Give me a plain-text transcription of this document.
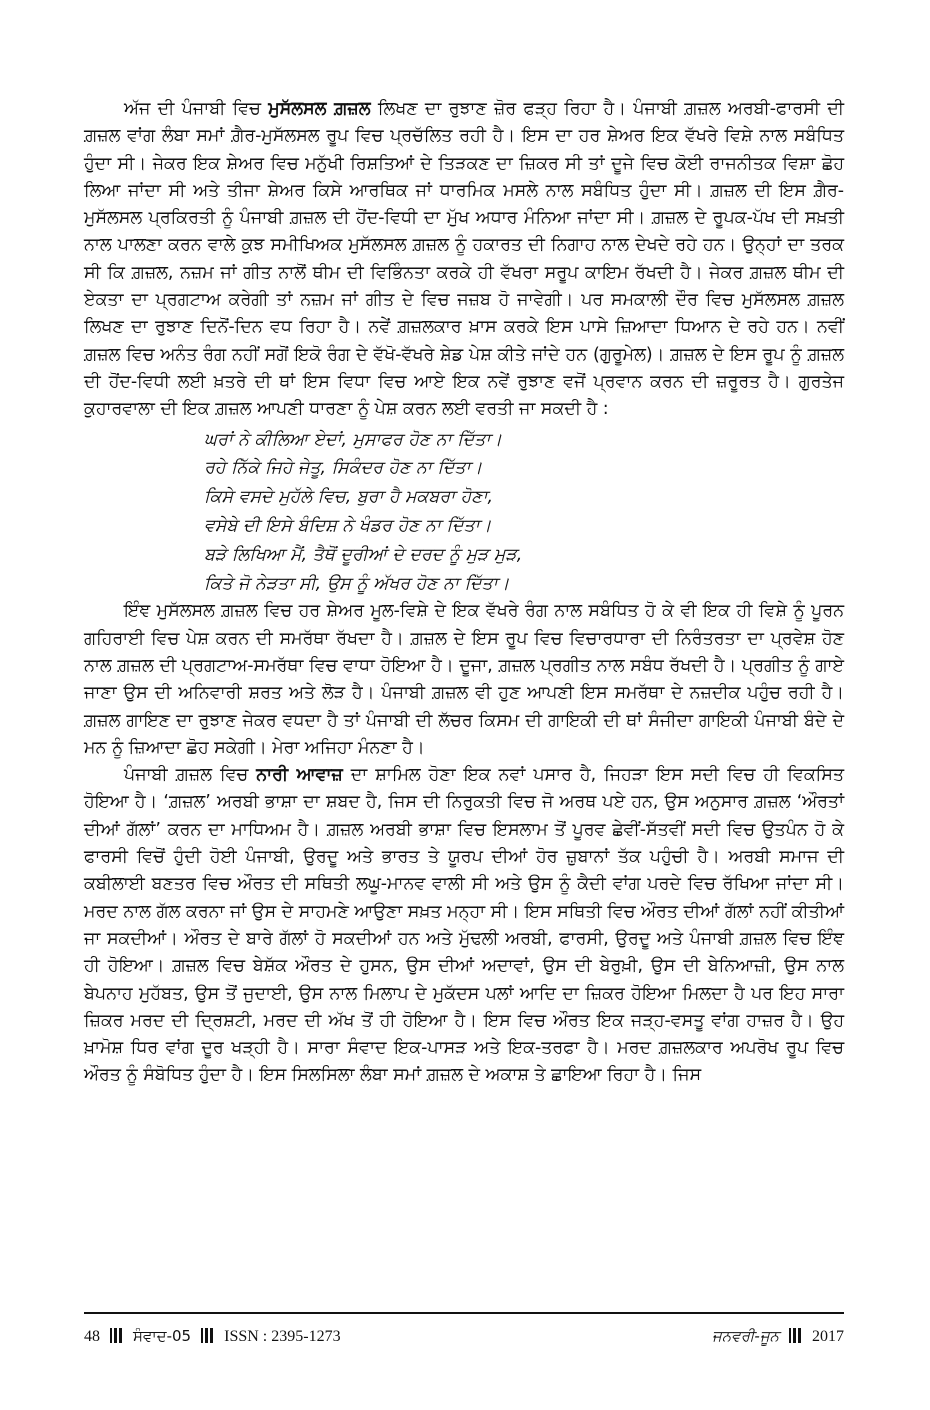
ਅੱਜ ਦੀ ਪੰਜਾਬੀ ਵਿਚ ਮੁਸੱਲਸਲ ਗ਼ਜ਼ਲ ਲਿਖਣ ਦਾ ਰੁਝਾਣ ਜ਼ੋਰ ਫੜ੍ਹ ਰਿਹਾ ਹੈ। ਪੰਜਾਬੀ ਗ਼ਜ਼ਲ ਅਰਬੀ-ਫਾਰਸੀ ਦੀ ਗ਼ਜ਼ਲ ਵਾਂਗ ਲੰਬਾ ਸਮਾਂ ਗ਼ੈਰ-ਮੁਸੱਲਸਲ ਰੂਪ ਵਿਚ ਪ੍ਰਚੱਲਿਤ ਰਹੀ ਹੈ। ਇਸ ਦਾ ਹਰ ਸ਼ੇਅਰ ਇਕ ਵੱਖਰੇ ਵਿਸ਼ੇ ਨਾਲ ਸਬੰਧਿਤ ਹੁੰਦਾ ਸੀ। ਜੇਕਰ ਇਕ ਸ਼ੇਅਰ ਵਿਚ ਮਨੁੱਖੀ ਰਿਸ਼ਤਿਆਂ ਦੇ ਤਿੜਕਣ ਦਾ ਜ਼ਿਕਰ ਸੀ ਤਾਂ ਦੂਜੇ ਵਿਚ ਕੋਈ ਰਾਜਨੀਤਕ ਵਿਸ਼ਾ ਛੋਹ ਲਿਆ ਜਾਂਦਾ ਸੀ ਅਤੇ ਤੀਜਾ ਸ਼ੇਅਰ ਕਿਸੇ ਆਰਥਿਕ ਜਾਂ ਧਾਰਮਿਕ ਮਸਲੇ ਨਾਲ ਸਬੰਧਿਤ ਹੁੰਦਾ ਸੀ। ਗ਼ਜ਼ਲ ਦੀ ਇਸ ਗ਼ੈਰ-ਮੁਸੱਲਸਲ ਪ੍ਰਕਿਰਤੀ ਨੂੰ ਪੰਜਾਬੀ ਗ਼ਜ਼ਲ ਦੀ ਹੋਂਦ-ਵਿਧੀ ਦਾ ਮੁੱਖ ਅਧਾਰ ਮੰਨਿਆ ਜਾਂਦਾ ਸੀ। ਗ਼ਜ਼ਲ ਦੇ ਰੂਪਕ-ਪੱਖ ਦੀ ਸਖ਼ਤੀ ਨਾਲ ਪਾਲਣਾ ਕਰਨ ਵਾਲੇ ਕੁਝ ਸਮੀਖਿਅਕ ਮੁਸੱਲਸਲ ਗ਼ਜ਼ਲ ਨੂੰ ਹਕਾਰਤ ਦੀ ਨਿਗਾਹ ਨਾਲ ਦੇਖਦੇ ਰਹੇ ਹਨ। ਉਨ੍ਹਾਂ ਦਾ ਤਰਕ ਸੀ ਕਿ ਗ਼ਜ਼ਲ, ਨਜ਼ਮ ਜਾਂ ਗੀਤ ਨਾਲੋਂ ਥੀਮ ਦੀ ਵਿਭਿੰਨਤਾ ਕਰਕੇ ਹੀ ਵੱਖਰਾ ਸਰੂਪ ਕਾਇਮ ਰੱਖਦੀ ਹੈ। ਜੇਕਰ ਗ਼ਜ਼ਲ ਥੀਮ ਦੀ ਏਕਤਾ ਦਾ ਪ੍ਰਗਟਾਅ ਕਰੇਗੀ ਤਾਂ ਨਜ਼ਮ ਜਾਂ ਗੀਤ ਦੇ ਵਿਚ ਜਜ਼ਬ ਹੋ ਜਾਵੇਗੀ। ਪਰ ਸਮਕਾਲੀ ਦੌਰ ਵਿਚ ਮੁਸੱਲਸਲ ਗ਼ਜ਼ਲ ਲਿਖਣ ਦਾ ਰੁਝਾਣ ਦਿਨੋਂ-ਦਿਨ ਵਧ ਰਿਹਾ ਹੈ। ਨਵੇਂ ਗ਼ਜ਼ਲਕਾਰ ਖ਼ਾਸ ਕਰਕੇ ਇਸ ਪਾਸੇ ਜ਼ਿਆਦਾ ਧਿਆਨ ਦੇ ਰਹੇ ਹਨ। ਨਵੀਂ ਗ਼ਜ਼ਲ ਵਿਚ ਅਨੰਤ ਰੰਗ ਨਹੀਂ ਸਗੋਂ ਇਕੋ ਰੰਗ ਦੇ ਵੱਖੋ-ਵੱਖਰੇ ਸ਼ੇਡ ਪੇਸ਼ ਕੀਤੇ ਜਾਂਦੇ ਹਨ (ਗੁਰੂਮੇਲ)। ਗ਼ਜ਼ਲ ਦੇ ਇਸ ਰੂਪ ਨੂੰ ਗ਼ਜ਼ਲ ਦੀ ਹੋਂਦ-ਵਿਧੀ ਲਈ ਖ਼ਤਰੇ ਦੀ ਥਾਂ ਇਸ ਵਿਧਾ ਵਿਚ ਆਏ ਇਕ ਨਵੇਂ ਰੁਝਾਣ ਵਜੋਂ ਪ੍ਰਵਾਨ ਕਰਨ ਦੀ ਜ਼ਰੂਰਤ ਹੈ। ਗੁਰਤੇਜ ਕੁਹਾਰਵਾਲਾ ਦੀ ਇਕ ਗ਼ਜ਼ਲ ਆਪਣੀ ਧਾਰਣਾ ਨੂੰ ਪੇਸ਼ ਕਰਨ ਲਈ ਵਰਤੀ ਜਾ ਸਕਦੀ ਹੈ :

ਘਰਾਂ ਨੇ ਕੀਲਿਆ ਏਦਾਂ, ਮੁਸਾਫਰ ਹੋਣ ਨਾ ਦਿੱਤਾ।
ਰਹੇ ਨਿੱਕੇ ਜਿਹੇ ਜੇਤੂ, ਸਿਕੰਦਰ ਹੋਣ ਨਾ ਦਿੱਤਾ।
ਕਿਸੇ ਵਸਦੇ ਮੁਹੱਲੇ ਵਿਚ, ਬੁਰਾ ਹੈ ਮਕਬਰਾ ਹੋਣਾ,
ਵਸੇਬੇ ਦੀ ਇਸੇ ਬੰਦਿਸ਼ ਨੇ ਖੰਡਰ ਹੋਣ ਨਾ ਦਿੱਤਾ।
ਬੜੇ ਲਿਖਿਆ ਮੈਂ, ਤੈਥੋਂ ਦੂਰੀਆਂ ਦੇ ਦਰਦ ਨੂੰ ਮੁੜ ਮੁੜ,
ਕਿਤੇ ਜੋ ਨੇੜਤਾ ਸੀ, ਉਸ ਨੂੰ ਅੱਖਰ ਹੋਣ ਨਾ ਦਿੱਤਾ।

ਇੰਞ ਮੁਸੱਲਸਲ ਗ਼ਜ਼ਲ ਵਿਚ ਹਰ ਸ਼ੇਅਰ ਮੂਲ-ਵਿਸ਼ੇ ਦੇ ਇਕ ਵੱਖਰੇ ਰੰਗ ਨਾਲ ਸਬੰਧਿਤ ਹੋ ਕੇ ਵੀ ਇਕ ਹੀ ਵਿਸ਼ੇ ਨੂੰ ਪੂਰਨ ਗਹਿਰਾਈ ਵਿਚ ਪੇਸ਼ ਕਰਨ ਦੀ ਸਮਰੱਥਾ ਰੱਖਦਾ ਹੈ। ਗ਼ਜ਼ਲ ਦੇ ਇਸ ਰੂਪ ਵਿਚ ਵਿਚਾਰਧਾਰਾ ਦੀ ਨਿਰੰਤਰਤਾ ਦਾ ਪ੍ਰਵੇਸ਼ ਹੋਣ ਨਾਲ ਗ਼ਜ਼ਲ ਦੀ ਪ੍ਰਗਟਾਅ-ਸਮਰੱਥਾ ਵਿਚ ਵਾਧਾ ਹੋਇਆ ਹੈ। ਦੂਜਾ, ਗ਼ਜ਼ਲ ਪ੍ਰਗੀਤ ਨਾਲ ਸਬੰਧ ਰੱਖਦੀ ਹੈ। ਪ੍ਰਗੀਤ ਨੂੰ ਗਾਏ ਜਾਣਾ ਉਸ ਦੀ ਅਨਿਵਾਰੀ ਸ਼ਰਤ ਅਤੇ ਲੋੜ ਹੈ। ਪੰਜਾਬੀ ਗ਼ਜ਼ਲ ਵੀ ਹੁਣ ਆਪਣੀ ਇਸ ਸਮਰੱਥਾ ਦੇ ਨਜ਼ਦੀਕ ਪਹੁੰਚ ਰਹੀ ਹੈ। ਗ਼ਜ਼ਲ ਗਾਇਣ ਦਾ ਰੁਝਾਣ ਜੇਕਰ ਵਧਦਾ ਹੈ ਤਾਂ ਪੰਜਾਬੀ ਦੀ ਲੱਚਰ ਕਿਸਮ ਦੀ ਗਾਇਕੀ ਦੀ ਥਾਂ ਸੰਜੀਦਾ ਗਾਇਕੀ ਪੰਜਾਬੀ ਬੰਦੇ ਦੇ ਮਨ ਨੂੰ ਜ਼ਿਆਦਾ ਛੋਹ ਸਕੇਗੀ। ਮੇਰਾ ਅਜਿਹਾ ਮੰਨਣਾ ਹੈ।

ਪੰਜਾਬੀ ਗ਼ਜ਼ਲ ਵਿਚ ਨਾਰੀ ਆਵਾਜ਼ ਦਾ ਸ਼ਾਮਿਲ ਹੋਣਾ ਇਕ ਨਵਾਂ ਪਸਾਰ ਹੈ, ਜਿਹੜਾ ਇਸ ਸਦੀ ਵਿਚ ਹੀ ਵਿਕਸਿਤ ਹੋਇਆ ਹੈ। ‘ਗ਼ਜ਼ਲ’ ਅਰਬੀ ਭਾਸ਼ਾ ਦਾ ਸ਼ਬਦ ਹੈ, ਜਿਸ ਦੀ ਨਿਰੁਕਤੀ ਵਿਚ ਜੋ ਅਰਥ ਪਏ ਹਨ, ਉਸ ਅਨੁਸਾਰ ਗ਼ਜ਼ਲ ‘ਔਰਤਾਂ ਦੀਆਂ ਗੱਲਾਂ’ ਕਰਨ ਦਾ ਮਾਧਿਅਮ ਹੈ। ਗ਼ਜ਼ਲ ਅਰਬੀ ਭਾਸ਼ਾ ਵਿਚ ਇਸਲਾਮ ਤੋਂ ਪੂਰਵ ਛੇਵੀਂ-ਸੱਤਵੀਂ ਸਦੀ ਵਿਚ ਉਤਪੰਨ ਹੋ ਕੇ ਫਾਰਸੀ ਵਿਚੋਂ ਹੁੰਦੀ ਹੋਈ ਪੰਜਾਬੀ, ਉਰਦੂ ਅਤੇ ਭਾਰਤ ਤੇ ਯੂਰਪ ਦੀਆਂ ਹੋਰ ਜ਼ੁਬਾਨਾਂ ਤੱਕ ਪਹੁੰਚੀ ਹੈ। ਅਰਬੀ ਸਮਾਜ ਦੀ ਕਬੀਲਾਈ ਬਣਤਰ ਵਿਚ ਔਰਤ ਦੀ ਸਥਿਤੀ ਲਘੂ-ਮਾਨਵ ਵਾਲੀ ਸੀ ਅਤੇ ਉਸ ਨੂੰ ਕੈਦੀ ਵਾਂਗ ਪਰਦੇ ਵਿਚ ਰੱਖਿਆ ਜਾਂਦਾ ਸੀ। ਮਰਦ ਨਾਲ ਗੱਲ ਕਰਨਾ ਜਾਂ ਉਸ ਦੇ ਸਾਹਮਣੇ ਆਉਣਾ ਸਖ਼ਤ ਮਨ੍ਹਾ ਸੀ। ਇਸ ਸਥਿਤੀ ਵਿਚ ਔਰਤ ਦੀਆਂ ਗੱਲਾਂ ਨਹੀਂ ਕੀਤੀਆਂ ਜਾ ਸਕਦੀਆਂ। ਔਰਤ ਦੇ ਬਾਰੇ ਗੱਲਾਂ ਹੋ ਸਕਦੀਆਂ ਹਨ ਅਤੇ ਮੁੱਢਲੀ ਅਰਬੀ, ਫਾਰਸੀ, ਉਰਦੂ ਅਤੇ ਪੰਜਾਬੀ ਗ਼ਜ਼ਲ ਵਿਚ ਇੰਞ ਹੀ ਹੋਇਆ। ਗ਼ਜ਼ਲ ਵਿਚ ਬੇਸ਼ੱਕ ਔਰਤ ਦੇ ਹੁਸਨ, ਉਸ ਦੀਆਂ ਅਦਾਵਾਂ, ਉਸ ਦੀ ਬੇਰੁਖ਼ੀ, ਉਸ ਦੀ ਬੇਨਿਆਜ਼ੀ, ਉਸ ਨਾਲ ਬੇਪਨਾਹ ਮੁਹੱਬਤ, ਉਸ ਤੋਂ ਜੁਦਾਈ, ਉਸ ਨਾਲ ਮਿਲਾਪ ਦੇ ਮੁਕੱਦਸ ਪਲਾਂ ਆਦਿ ਦਾ ਜ਼ਿਕਰ ਹੋਇਆ ਮਿਲਦਾ ਹੈ ਪਰ ਇਹ ਸਾਰਾ ਜ਼ਿਕਰ ਮਰਦ ਦੀ ਦ੍ਰਿਸ਼ਟੀ, ਮਰਦ ਦੀ ਅੱਖ ਤੋਂ ਹੀ ਹੋਇਆ ਹੈ। ਇਸ ਵਿਚ ਔਰਤ ਇਕ ਜੜ੍ਹ-ਵਸਤੂ ਵਾਂਗ ਹਾਜ਼ਰ ਹੈ। ਉਹ ਖ਼ਾਮੋਸ਼ ਧਿਰ ਵਾਂਗ ਦੂਰ ਖੜ੍ਹੀ ਹੈ। ਸਾਰਾ ਸੰਵਾਦ ਇਕ-ਪਾਸੜ ਅਤੇ ਇਕ-ਤਰਫਾ ਹੈ। ਮਰਦ ਗ਼ਜ਼ਲਕਾਰ ਅਪਰੋਖ ਰੂਪ ਵਿਚ ਔਰਤ ਨੂੰ ਸੰਬੋਧਿਤ ਹੁੰਦਾ ਹੈ। ਇਸ ਸਿਲਸਿਲਾ ਲੰਬਾ ਸਮਾਂ ਗ਼ਜ਼ਲ ਦੇ ਅਕਾਸ਼ ਤੇ ਛਾਇਆ ਰਿਹਾ ਹੈ। ਜਿਸ

48 ਸੰਵਾਦ-05 ISSN : 2395-1273	ਜਨਵਰੀ-ਜੂਨ 2017
